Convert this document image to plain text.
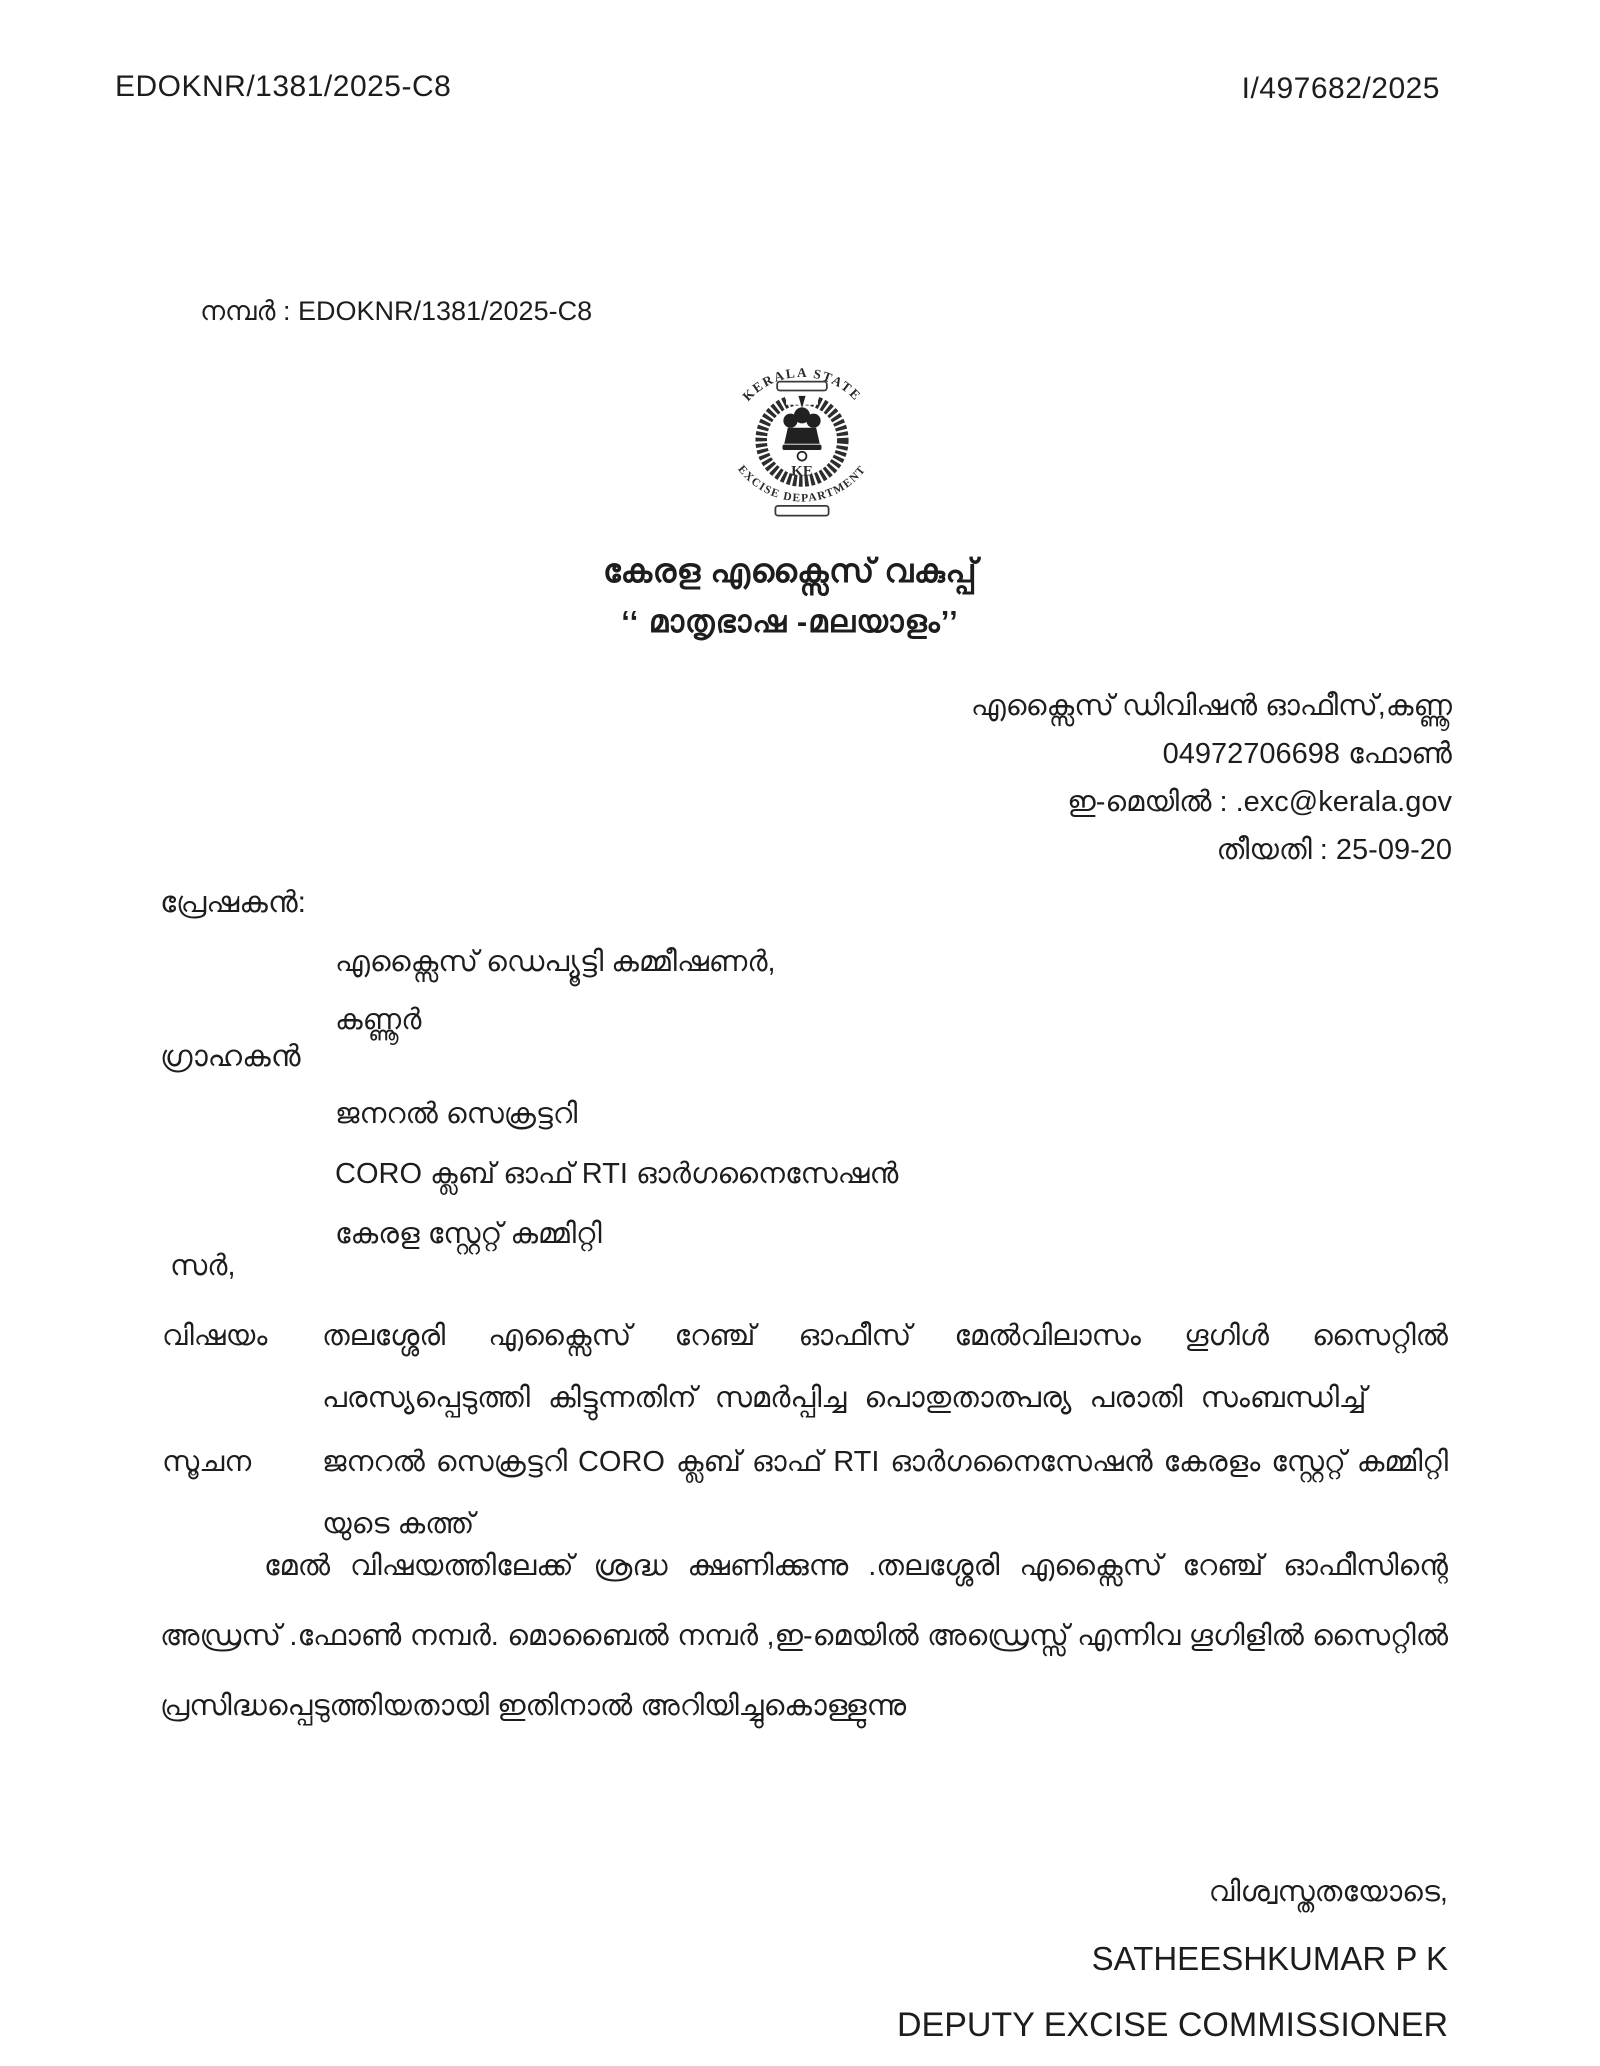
EDOKNR/1381/2025-C8	I/497682/2025
നമ്പർ : EDOKNR/1381/2025-C8
KERALA STATE
EXCISE DEPARTMENT
KE
കേരള എക്സൈസ് വകുപ്പ്
‘‘ മാതൃഭാഷ -മലയാളം’’
എക്സൈസ് ഡിവിഷൻ ഓഫീസ്,കണ്ണൂ
04972706698 ഫോൺ
ഇ-മെയിൽ : .exc@kerala.gov
തീയതി : 25-09-20
പ്രേഷകൻ:
എക്സൈസ് ഡെപ്യൂട്ടി കമ്മീഷണർ,
കണ്ണൂർ
ഗ്രാഹകൻ
ജനറൽ സെക്രട്ടറി
CORO ക്ലബ് ഓഫ് RTI ഓർഗനൈസേഷൻ
കേരള സ്റ്റേറ്റ് കമ്മിറ്റി
സർ,
വിഷയം തലശ്ശേരി എക്സൈസ് റേഞ്ച് ഓഫീസ് മേൽവിലാസം ഗൂഗിൾ സൈറ്റിൽ
പരസ്യപ്പെടുത്തി കിട്ടുന്നതിന് സമർപ്പിച്ച പൊതുതാത്പര്യ പരാതി സംബന്ധിച്ച്
സൂചന ജനറൽ സെക്രട്ടറി CORO ക്ലബ് ഓഫ് RTI ഓർഗനൈസേഷൻ കേരളം സ്റ്റേറ്റ് കമ്മിറ്റി
യുടെ കത്ത്
മേൽ വിഷയത്തിലേക്ക് ശ്രദ്ധ ക്ഷണിക്കുന്നു .തലശ്ശേരി എക്സൈസ് റേഞ്ച് ഓഫീസിന്റെ
അഡ്രസ് .ഫോൺ നമ്പർ. മൊബൈൽ നമ്പർ ,ഇ-മെയിൽ അഡ്രെസ്സ് എന്നിവ ഗൂഗിളിൽ സൈറ്റിൽ
പ്രസിദ്ധപ്പെടുത്തിയതായി ഇതിനാൽ അറിയിച്ചുകൊള്ളുന്നു
വിശ്വസ്തതയോടെ,
SATHEESHKUMAR P K
DEPUTY EXCISE COMMISSIONER
